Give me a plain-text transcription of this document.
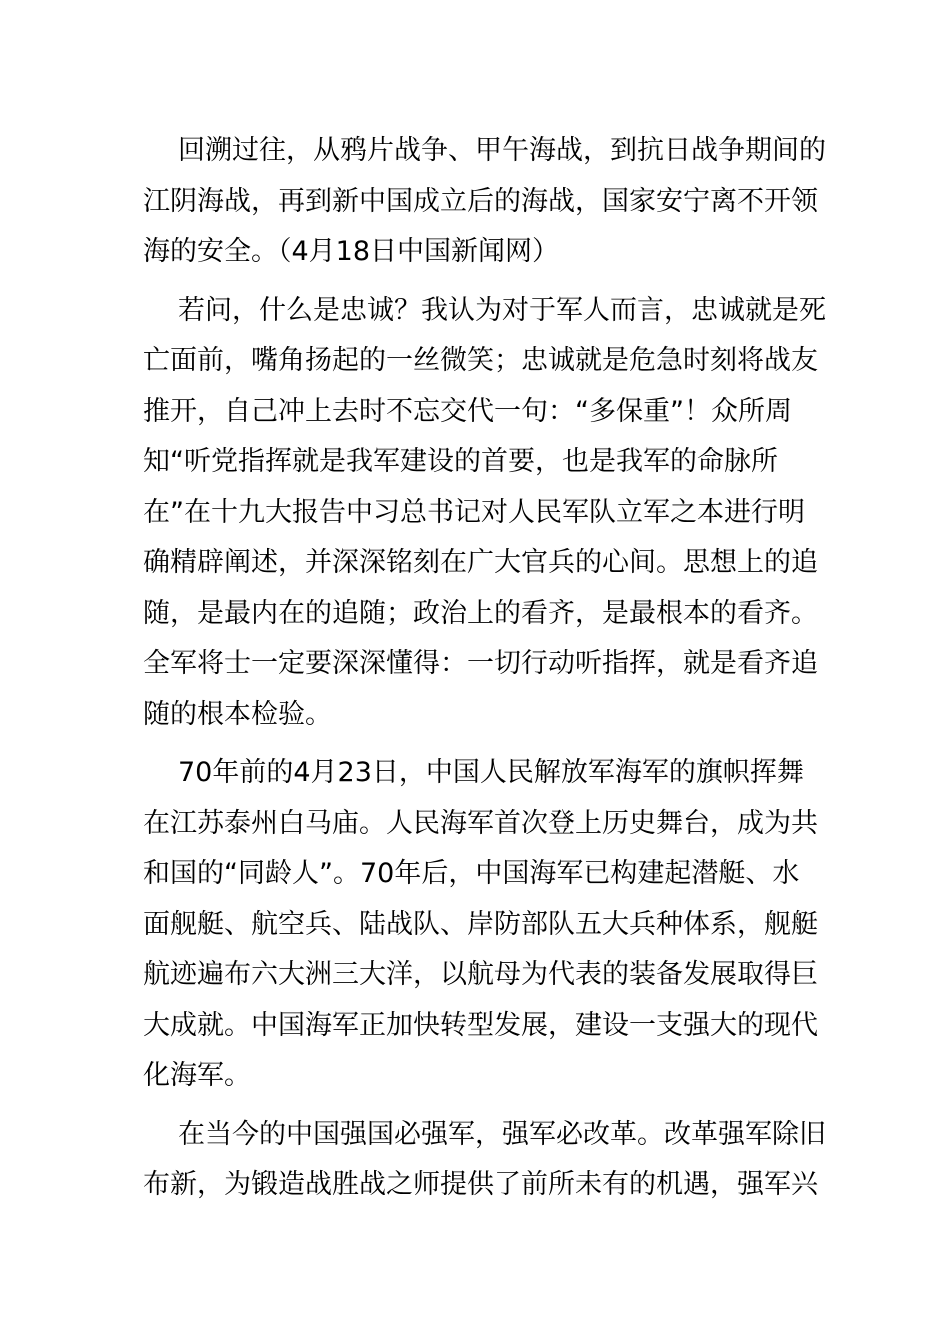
回溯过往，从鸦片战争、甲午海战，到抗日战争期间的
江阴海战，再到新中国成立后的海战，国家安宁离不开领
海的安全。（4月18日中国新闻网）
若问，什么是忠诚？我认为对于军人而言，忠诚就是死
亡面前，嘴角扬起的一丝微笑；忠诚就是危急时刻将战友
推开，自己冲上去时不忘交代一句：“多保重”！众所周
知“听党指挥就是我军建设的首要，也是我军的命脉所
在”在十九大报告中习总书记对人民军队立军之本进行明
确精辟阐述，并深深铭刻在广大官兵的心间。思想上的追
随，是最内在的追随；政治上的看齐，是最根本的看齐。
全军将士一定要深深懂得：一切行动听指挥，就是看齐追
随的根本检验。
70年前的4月23日，中国人民解放军海军的旗帜挥舞
在江苏泰州白马庙。人民海军首次登上历史舞台，成为共
和国的“同龄人”。70年后，中国海军已构建起潜艇、水
面舰艇、航空兵、陆战队、岸防部队五大兵种体系，舰艇
航迹遍布六大洲三大洋，以航母为代表的装备发展取得巨
大成就。中国海军正加快转型发展，建设一支强大的现代
化海军。
在当今的中国强国必强军，强军必改革。改革强军除旧
布新，为锻造战胜战之师提供了前所未有的机遇，强军兴
